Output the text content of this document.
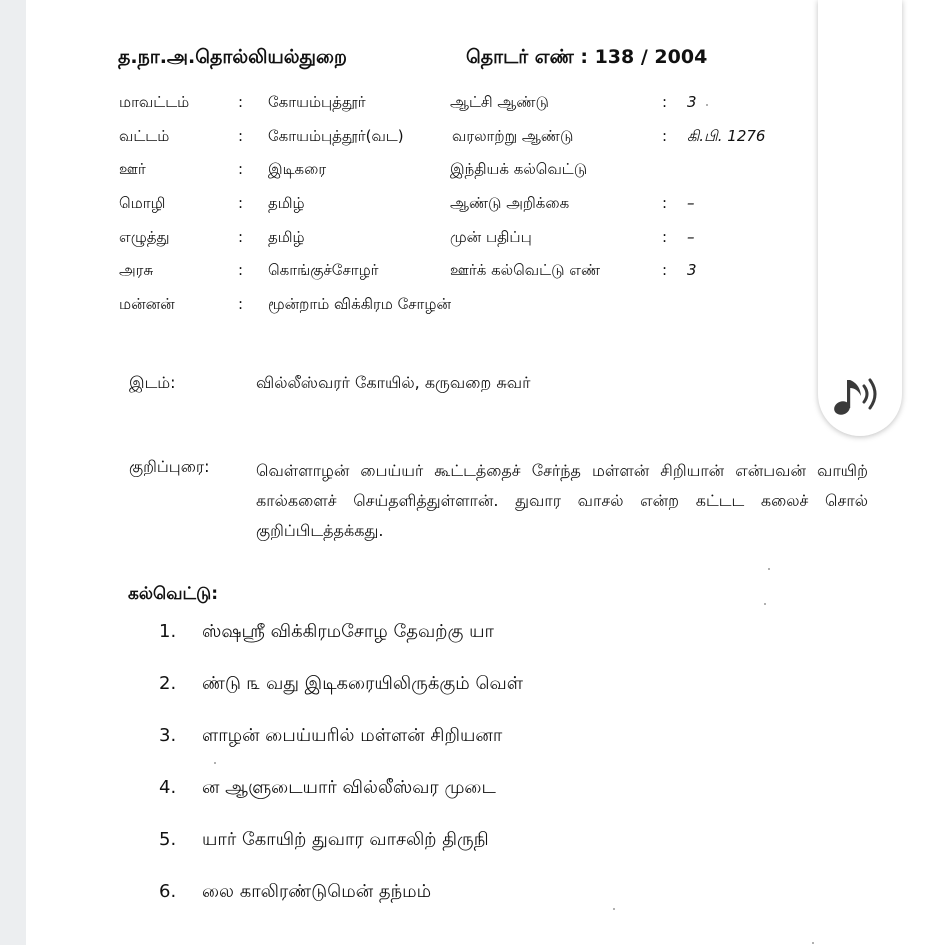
த.நா.அ.தொல்லியல்துறை	தொடர் எண் : 138 / 2004
மாவட்டம்	: கோயம்புத்தூர்	ஆட்சி ஆண்டு	: 3
வட்டம்	: கோயம்புத்தூர்(வட)	வரலாற்று ஆண்டு	: கி.பி. 1276
ஊர்	: இடிகரை	இந்தியக் கல்வெட்டு
மொழி	: தமிழ்	ஆண்டு அறிக்கை	: –
எழுத்து	: தமிழ்	முன் பதிப்பு	: –
அரசு	: கொங்குச்சோழர்	ஊர்க் கல்வெட்டு எண்	: 3
மன்னன்	: மூன்றாம் விக்கிரம சோழன்
இடம்:	வில்லீஸ்வரர் கோயில், கருவறை சுவர்
குறிப்புரை:	வெள்ளாழன் பைய்யர் கூட்டத்தைச் சேர்ந்த மள்ளன் சிறியான் என்பவன் வாயிற் கால்களைச் செய்தளித்துள்ளான். துவார வாசல் என்ற கட்டட கலைச் சொல் குறிப்பிடத்தக்கது.
கல்வெட்டு:
1. ஸ்ஷஸ்ரீ விக்கிரமசோழ தேவற்கு யா
2. ண்டு ௩ வது இடிகரையிலிருக்கும் வெள்
3. ளாழன் பைய்யரில் மள்ளன் சிறியனா
4. ன ஆளுடையார் வில்லீஸ்வர முடை
5. யார் கோயிற் துவார வாசலிற் திருநி
6. லை காலிரண்டுமென் தந்மம்
